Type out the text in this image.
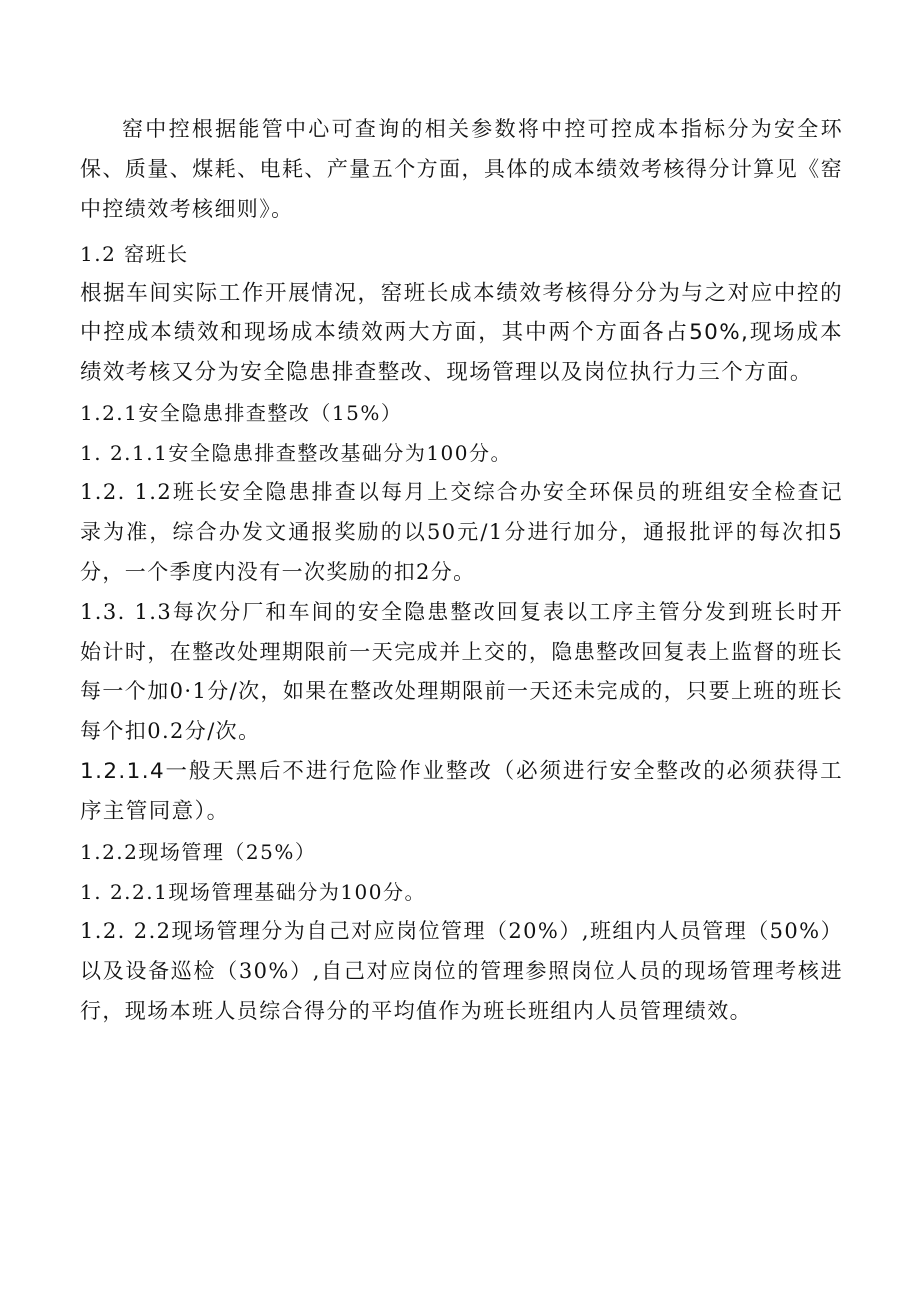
窑中控根据能管中心可查询的相关参数将中控可控成本指标分为安全环保、质量、煤耗、电耗、产量五个方面，具体的成本绩效考核得分计算见《窑中控绩效考核细则》。

1.2 窑班长

根据车间实际工作开展情况，窑班长成本绩效考核得分分为与之对应中控的中控成本绩效和现场成本绩效两大方面，其中两个方面各占50%,现场成本绩效考核又分为安全隐患排查整改、现场管理以及岗位执行力三个方面。

1.2.1安全隐患排查整改（15%）

1. 2.1.1安全隐患排查整改基础分为100分。

1.2. 1.2班长安全隐患排查以每月上交综合办安全环保员的班组安全检查记录为准，综合办发文通报奖励的以50元/1分进行加分，通报批评的每次扣5分，一个季度内没有一次奖励的扣2分。

1.3. 1.3每次分厂和车间的安全隐患整改回复表以工序主管分发到班长时开始计时，在整改处理期限前一天完成并上交的，隐患整改回复表上监督的班长每一个加0·1分/次，如果在整改处理期限前一天还未完成的，只要上班的班长每个扣0.2分/次。

1.2.1.4一般天黑后不进行危险作业整改（必须进行安全整改的必须获得工序主管同意）。

1.2.2现场管理（25%）

1. 2.2.1现场管理基础分为100分。

1.2. 2.2现场管理分为自己对应岗位管理（20%）,班组内人员管理（50%）以及设备巡检（30%）,自己对应岗位的管理参照岗位人员的现场管理考核进行，现场本班人员综合得分的平均值作为班长班组内人员管理绩效。
